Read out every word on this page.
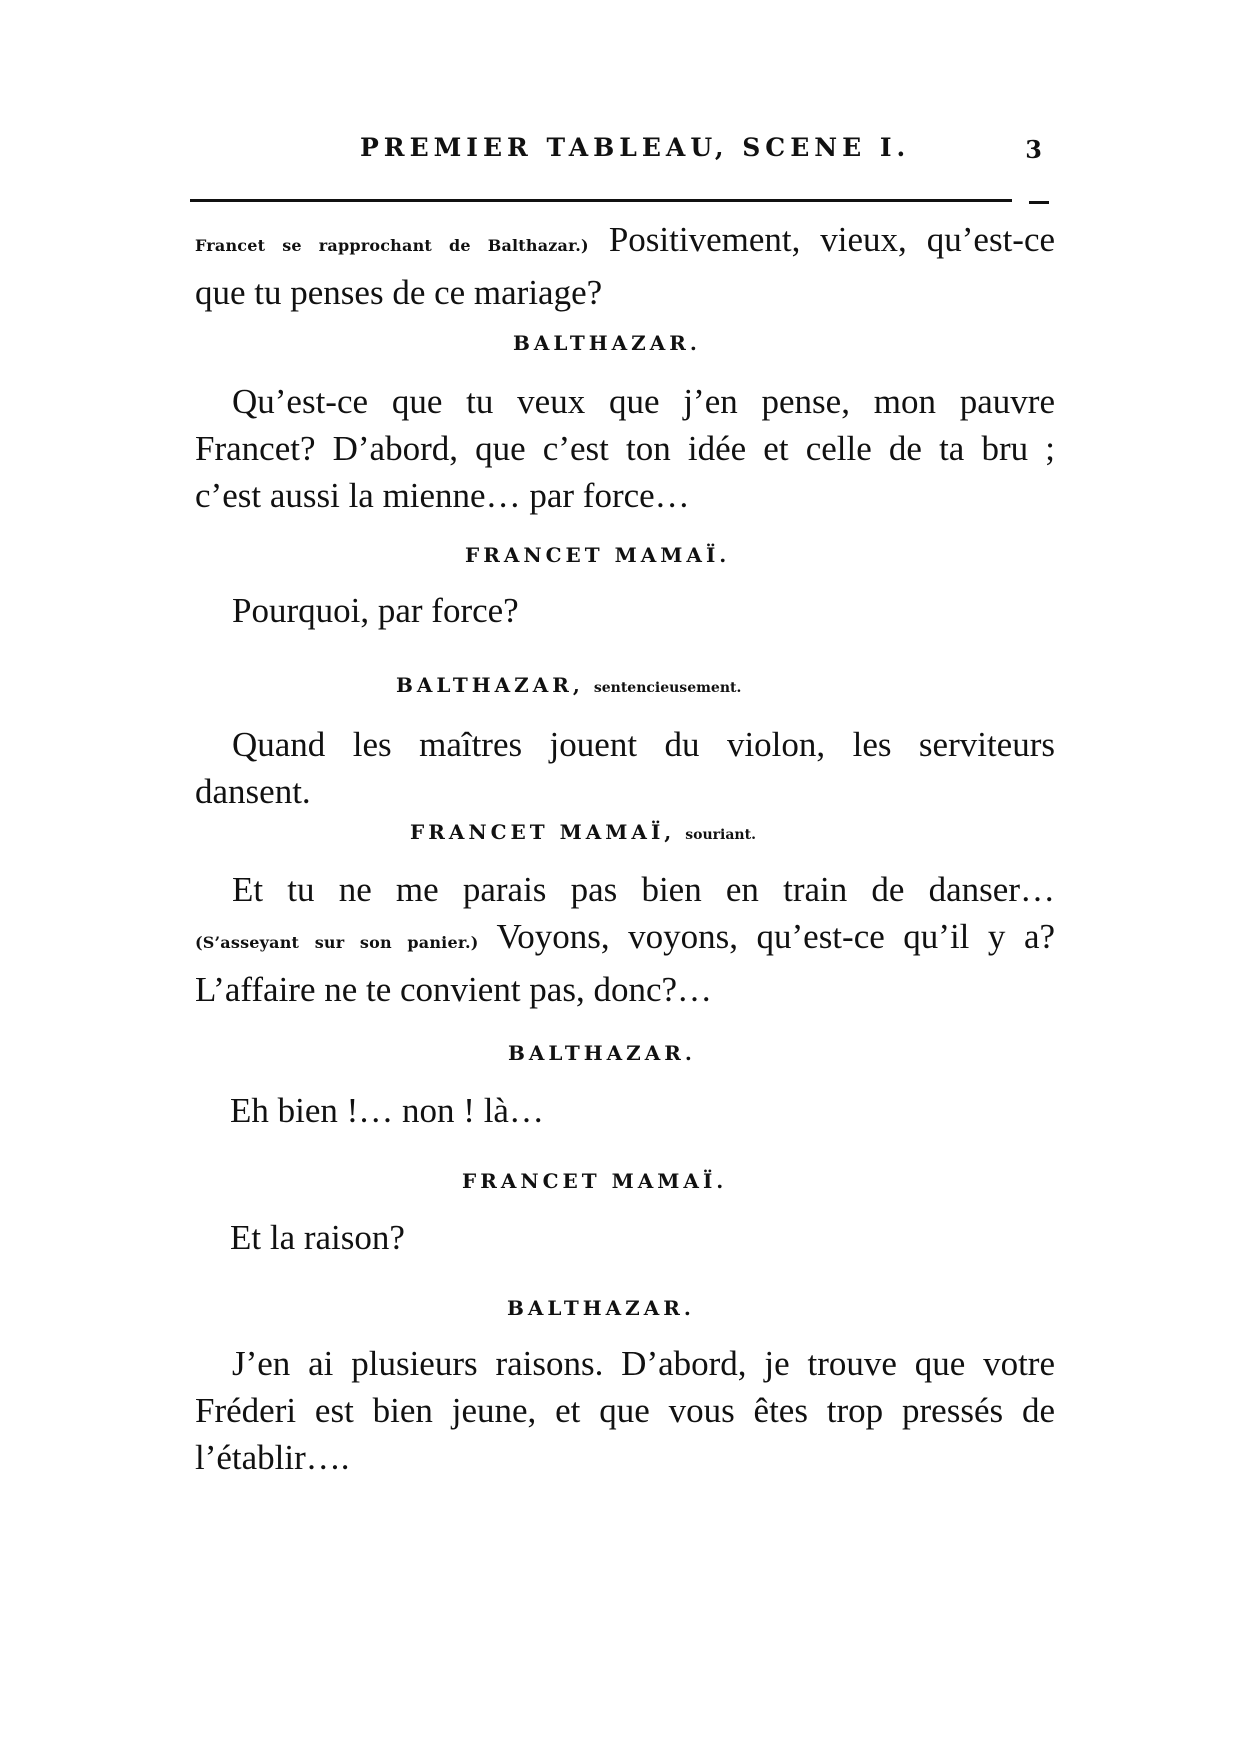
PREMIER TABLEAU, SCENE I.	3
Francet se rapprochant de Balthazar.) Positivement, vieux, qu’est-ce
que tu penses de ce mariage?
BALTHAZAR.
Qu’est-ce que tu veux que j’en pense, mon pauvre
Francet? D’abord, que c’est ton idée et celle de ta bru ;
c’est aussi la mienne… par force…
FRANCET MAMAÏ.
Pourquoi, par force?
BALTHAZAR, sentencieusement.
Quand les maîtres jouent du violon, les serviteurs
dansent.
FRANCET MAMAÏ, souriant.
Et tu ne me parais pas bien en train de danser…
(S’asseyant sur son panier.) Voyons, voyons, qu’est-ce qu’il y a?
L’affaire ne te convient pas, donc?…
BALTHAZAR.
Eh bien !… non ! là…
FRANCET MAMAÏ.
Et la raison?
BALTHAZAR.
J’en ai plusieurs raisons. D’abord, je trouve que votre
Fréderi est bien jeune, et que vous êtes trop pressés de
l’établir….
